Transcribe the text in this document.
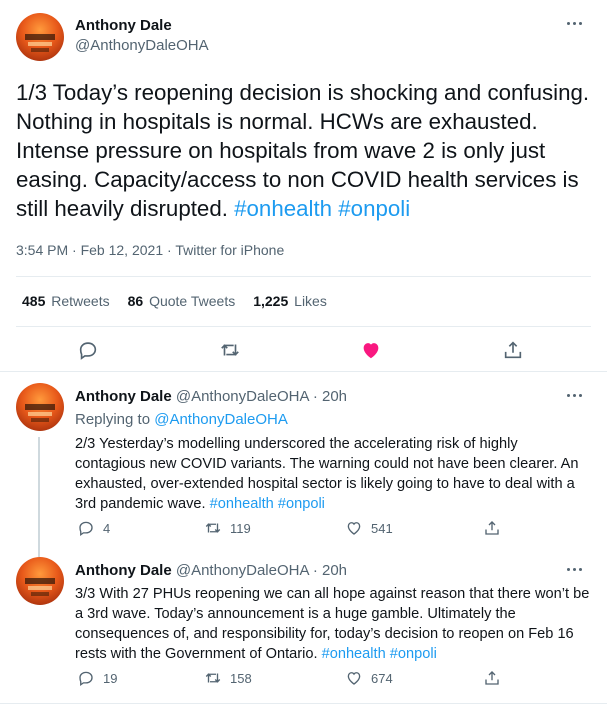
Anthony Dale
@AnthonyDaleOHA
1/3 Today’s reopening decision is shocking and confusing. Nothing in hospitals is normal. HCWs are exhausted. Intense pressure on hospitals from wave 2 is only just easing. Capacity/access to non COVID health services is still heavily disrupted. #onhealth #onpoli
3:54 PM · Feb 12, 2021 · Twitter for iPhone
485 Retweets 86 Quote Tweets 1,225 Likes
Anthony Dale @AnthonyDaleOHA · 20h
Replying to @AnthonyDaleOHA
2/3 Yesterday’s modelling underscored the accelerating risk of highly contagious new COVID variants. The warning could not have been clearer. An exhausted, over-extended hospital sector is likely going to have to deal with a 3rd pandemic wave. #onhealth #onpoli
4	119	541
Anthony Dale @AnthonyDaleOHA · 20h
3/3 With 27 PHUs reopening we can all hope against reason that there won’t be a 3rd wave. Today’s announcement is a huge gamble. Ultimately the consequences of, and responsibility for, today’s decision to reopen on Feb 16 rests with the Government of Ontario. #onhealth #onpoli
19	158	674
